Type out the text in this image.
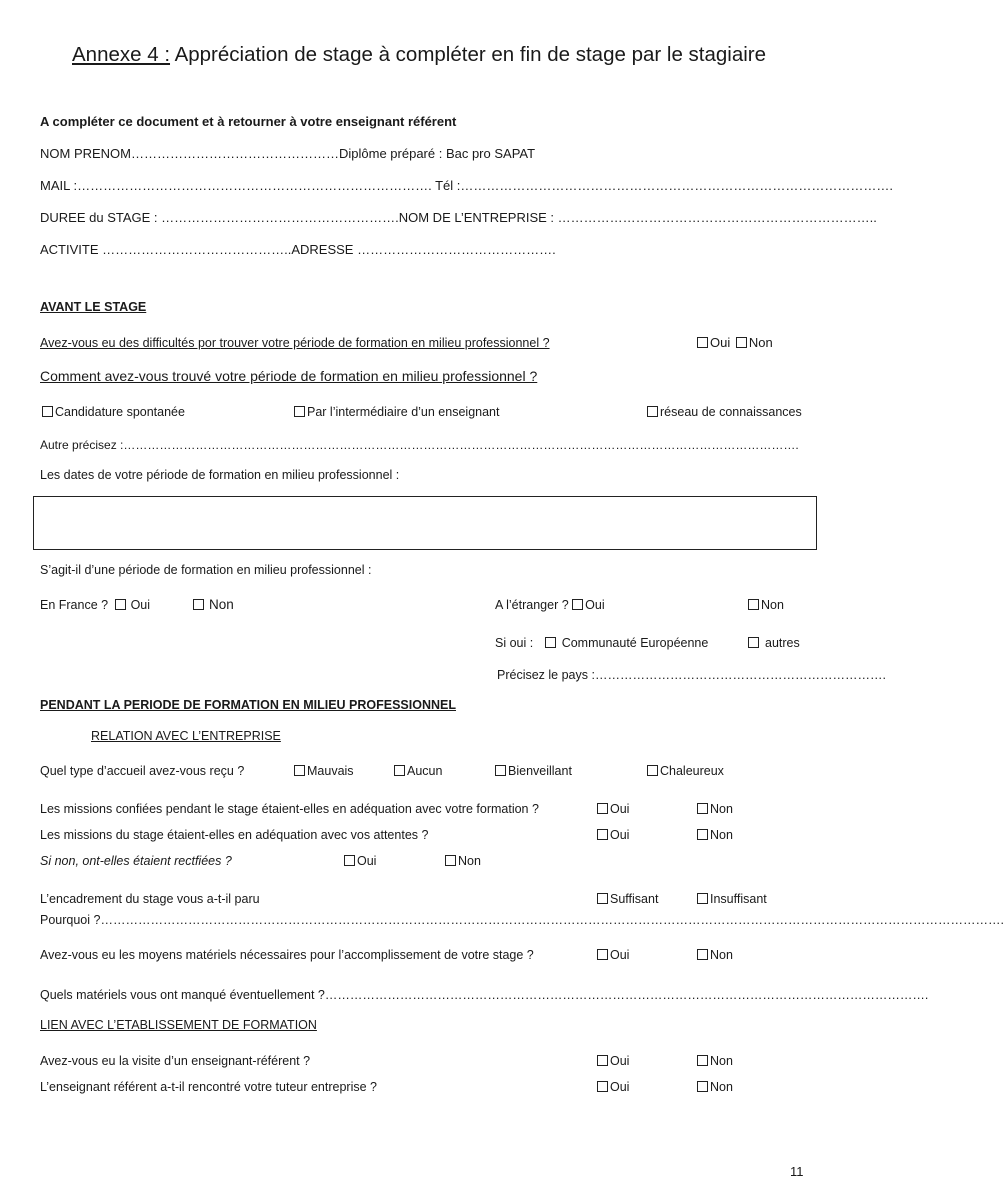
Annexe 4 : Appréciation de stage à compléter en fin de stage par le stagiaire
A compléter ce document et à retourner à votre enseignant référent
NOM PRENOM…………………………………………Diplôme préparé : Bac pro SAPAT
MAIL :………………………………………………………………………. Tél :……………………………………………………………………………………….
DUREE du STAGE : ……………………………………………….NOM DE L’ENTREPRISE : ………………………………………………………………..
ACTIVITE ……………………………………..ADRESSE ……………………………………….
AVANT LE STAGE
Avez-vous eu des difficultés por trouver votre période de formation en milieu professionnel ?	Oui Non
Comment avez-vous trouvé votre période de formation en milieu professionnel ?
Candidature spontanée	Par l’intermédiaire d’un enseignant	réseau de connaissances
Autre précisez :…………………………………………………………………………………………………………………………………………………….
Les dates de votre période de formation en milieu professionnel :
S’agit-il d’une période de formation en milieu professionnel :
En France ? Oui	Non	A l’étranger ? Oui	Non
Si oui : Communauté Européenne	autres
Précisez le pays :…………………………………………………………….
PENDANT LA PERIODE DE FORMATION EN MILIEU PROFESSIONNEL
RELATION AVEC L’ENTREPRISE
Quel type d’accueil avez-vous reçu ?	Mauvais	Aucun	Bienveillant	Chaleureux
Les missions confiées pendant le stage étaient-elles en adéquation avec votre formation ?	Oui	Non
Les missions du stage étaient-elles en adéquation avec vos attentes ?	Oui	Non
Si non, ont-elles étaient rectfiées ?	Oui	Non
L’encadrement du stage vous a-t-il paru	Suffisant	Insuffisant
Pourquoi ?……………………………………………………………………………………………………………………………………………………………………………………………….
Avez-vous eu les moyens matériels nécessaires pour l’accomplissement de votre stage ?	Oui	Non
Quels matériels vous ont manqué éventuellement ?……………………………………………………………………………………………………………………………….
LIEN AVEC L’ETABLISSEMENT DE FORMATION
Avez-vous eu la visite d’un enseignant-référent ?	Oui	Non
L’enseignant référent a-t-il rencontré votre tuteur entreprise ?	Oui	Non
11
